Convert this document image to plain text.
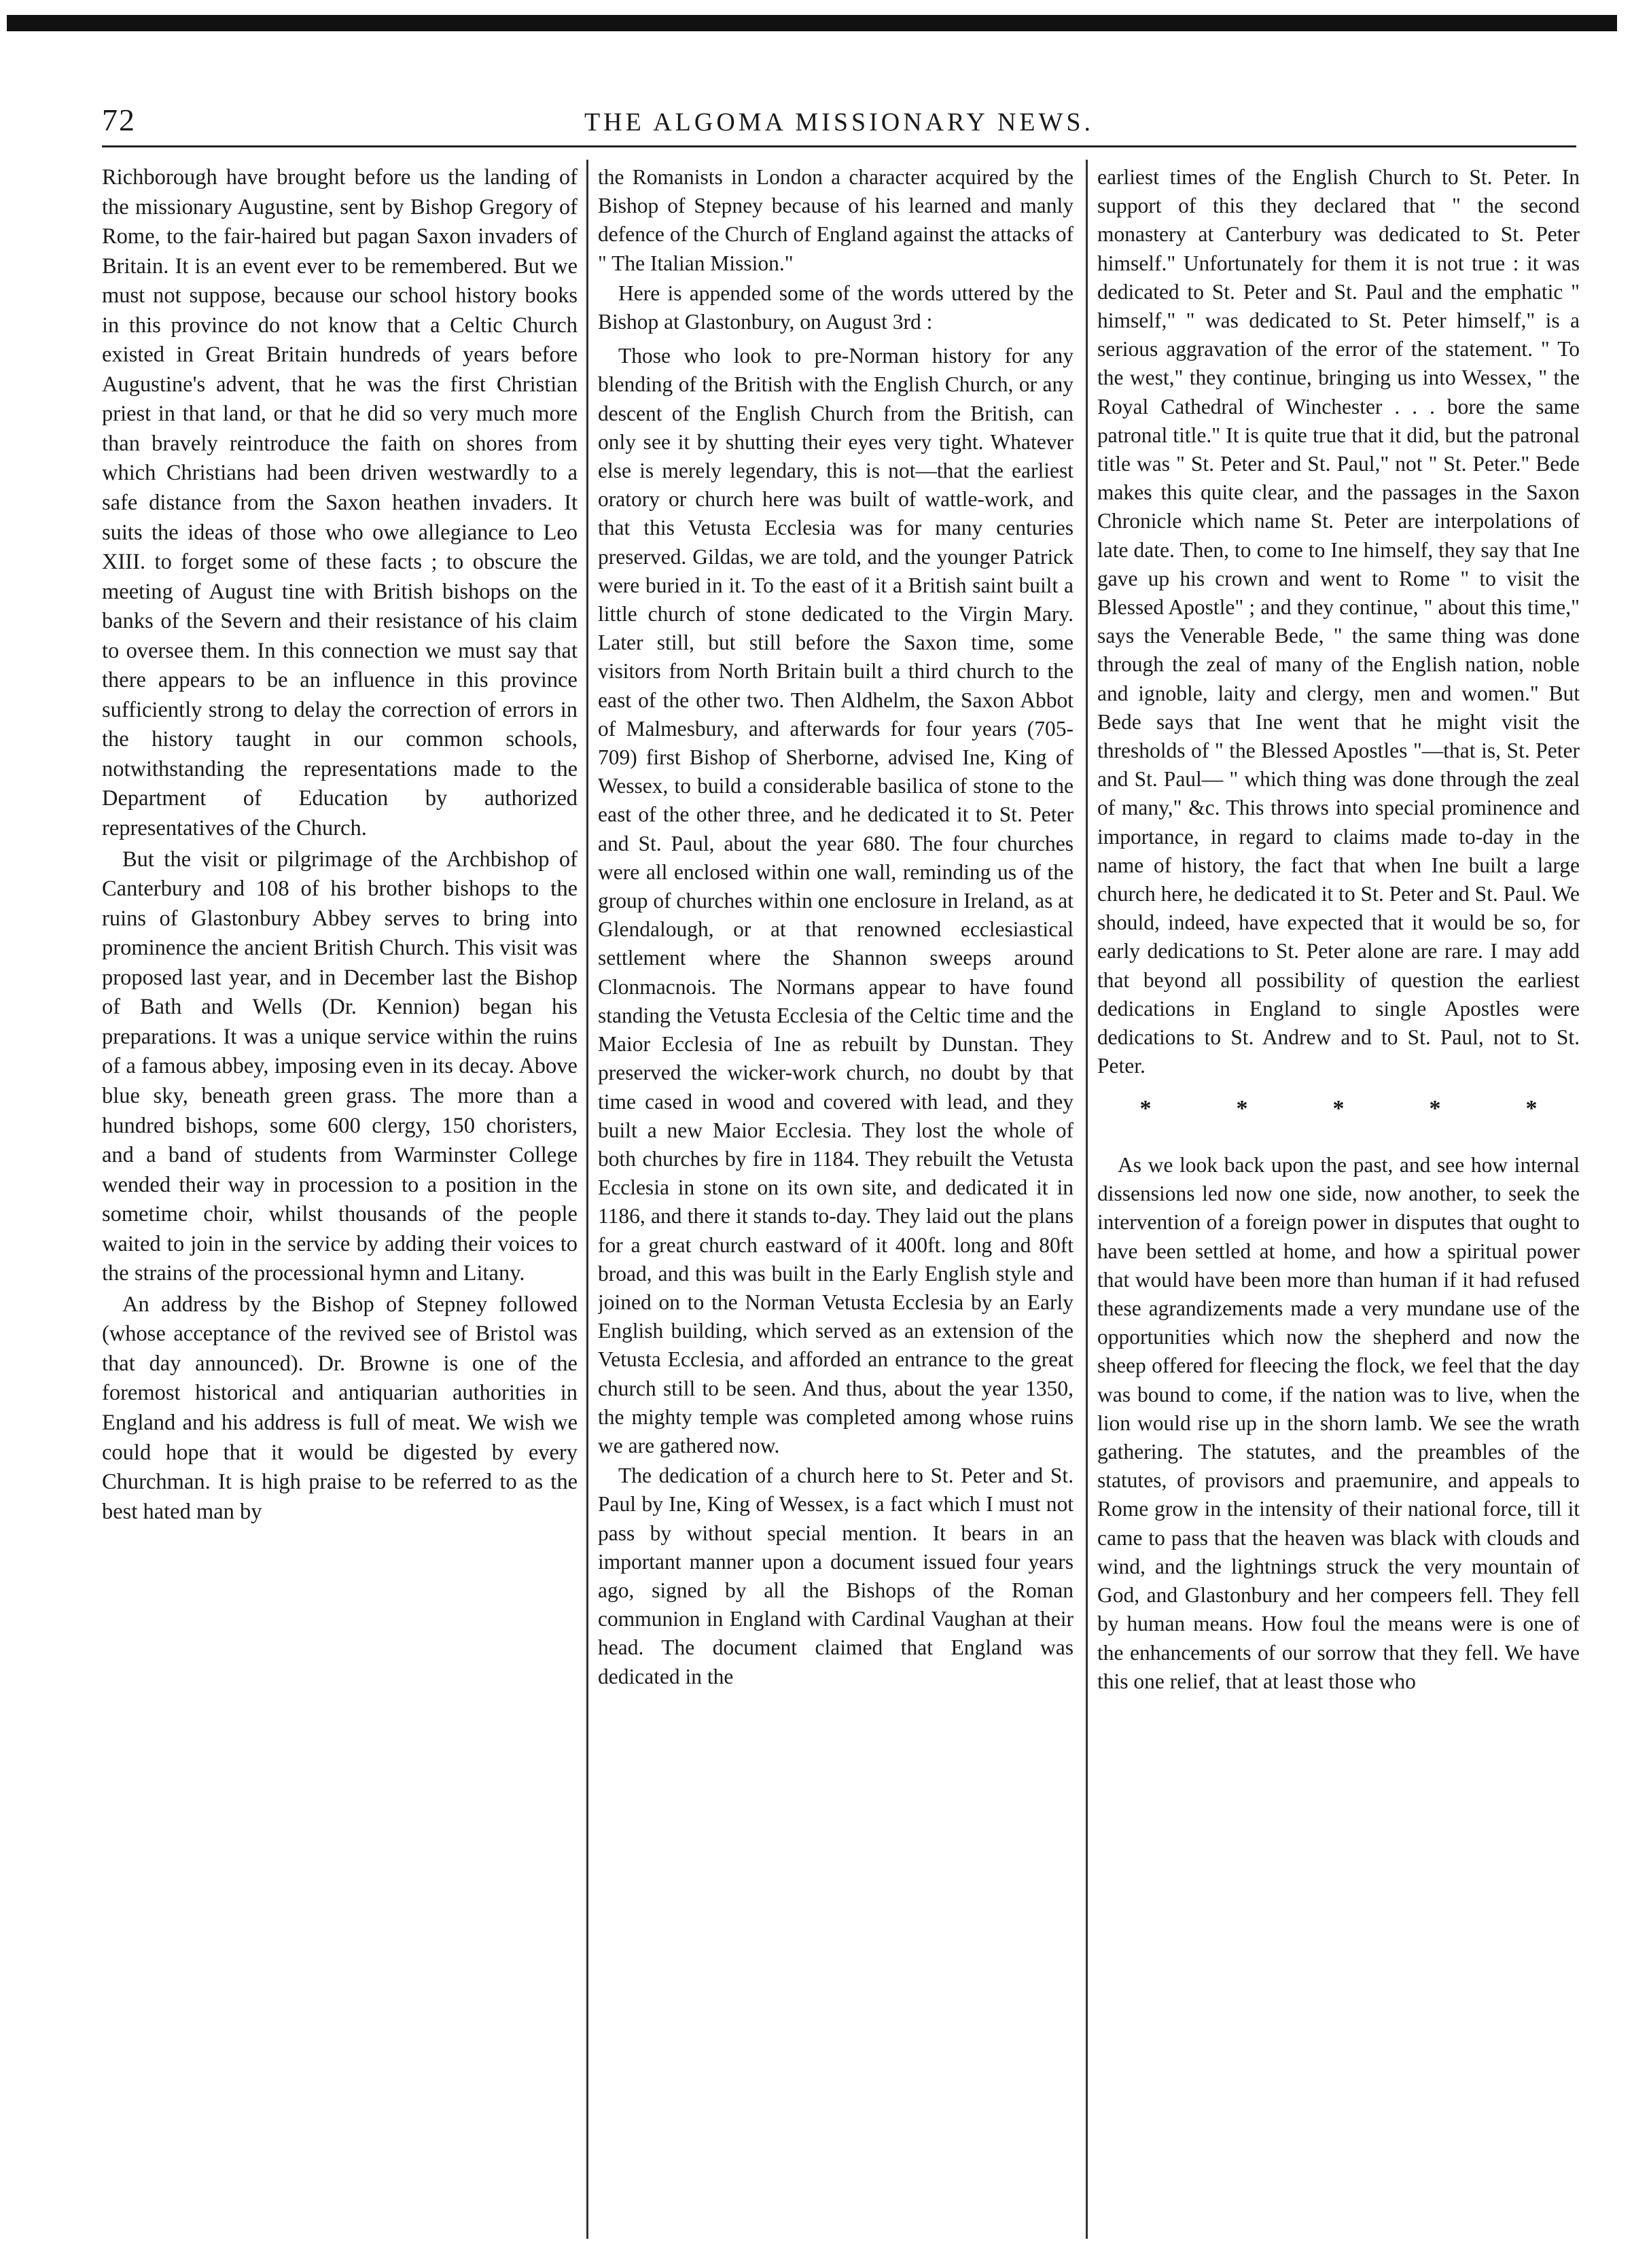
72	THE ALGOMA MISSIONARY NEWS.

Richborough have brought before us the landing of the missionary Augustine, sent by Bishop Gregory of Rome, to the fair-haired but pagan Saxon invaders of Britain. It is an event ever to be remembered. But we must not suppose, because our school history books in this province do not know that a Celtic Church existed in Great Britain hundreds of years before Augustine's advent, that he was the first Christian priest in that land, or that he did so very much more than bravely reintroduce the faith on shores from which Christians had been driven westwardly to a safe distance from the Saxon heathen invaders. It suits the ideas of those who owe allegiance to Leo XIII. to forget some of these facts ; to obscure the meeting of August tine with British bishops on the banks of the Severn and their resistance of his claim to oversee them. In this connection we must say that there appears to be an influence in this province sufficiently strong to delay the correction of errors in the history taught in our common schools, notwithstanding the representations made to the Department of Education by authorized representatives of the Church.

But the visit or pilgrimage of the Archbishop of Canterbury and 108 of his brother bishops to the ruins of Glastonbury Abbey serves to bring into prominence the ancient British Church. This visit was proposed last year, and in December last the Bishop of Bath and Wells (Dr. Kennion) began his preparations. It was a unique service within the ruins of a famous abbey, imposing even in its decay. Above blue sky, beneath green grass. The more than a hundred bishops, some 600 clergy, 150 choristers, and a band of students from Warminster College wended their way in procession to a position in the sometime choir, whilst thousands of the people waited to join in the service by adding their voices to the strains of the processional hymn and Litany.

An address by the Bishop of Stepney followed (whose acceptance of the revived see of Bristol was that day announced). Dr. Browne is one of the foremost historical and antiquarian authorities in England and his address is full of meat. We wish we could hope that it would be digested by every Churchman. It is high praise to be referred to as the best hated man by

the Romanists in London a character acquired by the Bishop of Stepney because of his learned and manly defence of the Church of England against the attacks of " The Italian Mission."

Here is appended some of the words uttered by the Bishop at Glastonbury, on August 3rd :

Those who look to pre-Norman history for any blending of the British with the English Church, or any descent of the English Church from the British, can only see it by shutting their eyes very tight. Whatever else is merely legendary, this is not—that the earliest oratory or church here was built of wattle-work, and that this Vetusta Ecclesia was for many centuries preserved. Gildas, we are told, and the younger Patrick were buried in it. To the east of it a British saint built a little church of stone dedicated to the Virgin Mary. Later still, but still before the Saxon time, some visitors from North Britain built a third church to the east of the other two. Then Aldhelm, the Saxon Abbot of Malmesbury, and afterwards for four years (705-709) first Bishop of Sherborne, advised Ine, King of Wessex, to build a considerable basilica of stone to the east of the other three, and he dedicated it to St. Peter and St. Paul, about the year 680. The four churches were all enclosed within one wall, reminding us of the group of churches within one enclosure in Ireland, as at Glendalough, or at that renowned ecclesiastical settlement where the Shannon sweeps around Clonmacnois. The Normans appear to have found standing the Vetusta Ecclesia of the Celtic time and the Maior Ecclesia of Ine as rebuilt by Dunstan. They preserved the wicker-work church, no doubt by that time cased in wood and covered with lead, and they built a new Maior Ecclesia. They lost the whole of both churches by fire in 1184. They rebuilt the Vetusta Ecclesia in stone on its own site, and dedicated it in 1186, and there it stands to-day. They laid out the plans for a great church eastward of it 400ft. long and 80ft broad, and this was built in the Early English style and joined on to the Norman Vetusta Ecclesia by an Early English building, which served as an extension of the Vetusta Ecclesia, and afforded an entrance to the great church still to be seen. And thus, about the year 1350, the mighty temple was completed among whose ruins we are gathered now.

The dedication of a church here to St. Peter and St. Paul by Ine, King of Wessex, is a fact which I must not pass by without special mention. It bears in an important manner upon a document issued four years ago, signed by all the Bishops of the Roman communion in England with Cardinal Vaughan at their head. The document claimed that England was dedicated in the

earliest times of the English Church to St. Peter. In support of this they declared that " the second monastery at Canterbury was dedicated to St. Peter himself." Unfortunately for them it is not true : it was dedicated to St. Peter and St. Paul and the emphatic " himself," " was dedicated to St. Peter himself," is a serious aggravation of the error of the statement. " To the west," they continue, bringing us into Wessex, " the Royal Cathedral of Winchester . . . bore the same patronal title." It is quite true that it did, but the patronal title was " St. Peter and St. Paul," not " St. Peter." Bede makes this quite clear, and the passages in the Saxon Chronicle which name St. Peter are interpolations of late date. Then, to come to Ine himself, they say that Ine gave up his crown and went to Rome " to visit the Blessed Apostle" ; and they continue, " about this time," says the Venerable Bede, " the same thing was done through the zeal of many of the English nation, noble and ignoble, laity and clergy, men and women." But Bede says that Ine went that he might visit the thresholds of " the Blessed Apostles "—that is, St. Peter and St. Paul— " which thing was done through the zeal of many," &c. This throws into special prominence and importance, in regard to claims made to-day in the name of history, the fact that when Ine built a large church here, he dedicated it to St. Peter and St. Paul. We should, indeed, have expected that it would be so, for early dedications to St. Peter alone are rare. I may add that beyond all possibility of question the earliest dedications in England to single Apostles were dedications to St. Andrew and to St. Paul, not to St. Peter.

*	*	*	*	*

As we look back upon the past, and see how internal dissensions led now one side, now another, to seek the intervention of a foreign power in disputes that ought to have been settled at home, and how a spiritual power that would have been more than human if it had refused these agrandizements made a very mundane use of the opportunities which now the shepherd and now the sheep offered for fleecing the flock, we feel that the day was bound to come, if the nation was to live, when the lion would rise up in the shorn lamb. We see the wrath gathering. The statutes, and the preambles of the statutes, of provisors and praemunire, and appeals to Rome grow in the intensity of their national force, till it came to pass that the heaven was black with clouds and wind, and the lightnings struck the very mountain of God, and Glastonbury and her compeers fell. They fell by human means. How foul the means were is one of the enhancements of our sorrow that they fell. We have this one relief, that at least those who
